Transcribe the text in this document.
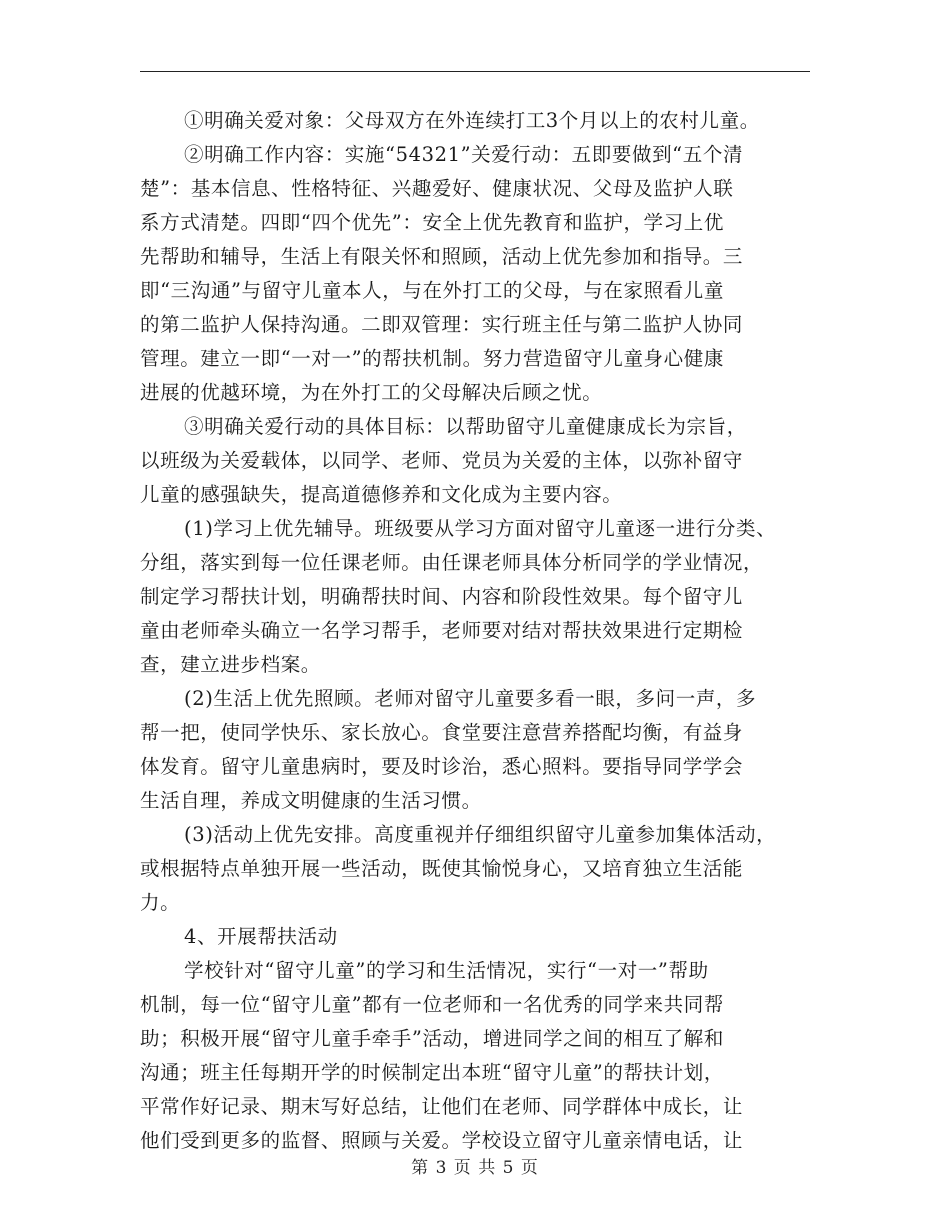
①明确关爱对象：父母双方在外连续打工3个月以上的农村儿童。
②明确工作内容：实施“54321”关爱行动：五即要做到“五个清
楚”：基本信息、性格特征、兴趣爱好、健康状况、父母及监护人联
系方式清楚。四即“四个优先”：安全上优先教育和监护，学习上优
先帮助和辅导，生活上有限关怀和照顾，活动上优先参加和指导。三
即“三沟通”与留守儿童本人，与在外打工的父母，与在家照看儿童
的第二监护人保持沟通。二即双管理：实行班主任与第二监护人协同
管理。建立一即“一对一”的帮扶机制。努力营造留守儿童身心健康
进展的优越环境，为在外打工的父母解决后顾之忧。
③明确关爱行动的具体目标：以帮助留守儿童健康成长为宗旨，
以班级为关爱载体，以同学、老师、党员为关爱的主体，以弥补留守
儿童的感强缺失，提高道德修养和文化成为主要内容。
(1)学习上优先辅导。班级要从学习方面对留守儿童逐一进行分类、
分组，落实到每一位任课老师。由任课老师具体分析同学的学业情况，
制定学习帮扶计划，明确帮扶时间、内容和阶段性效果。每个留守儿
童由老师牵头确立一名学习帮手，老师要对结对帮扶效果进行定期检
查，建立进步档案。
(2)生活上优先照顾。老师对留守儿童要多看一眼，多问一声，多
帮一把，使同学快乐、家长放心。食堂要注意营养搭配均衡，有益身
体发育。留守儿童患病时，要及时诊治，悉心照料。要指导同学学会
生活自理，养成文明健康的生活习惯。
(3)活动上优先安排。高度重视并仔细组织留守儿童参加集体活动，
或根据特点单独开展一些活动，既使其愉悦身心，又培育独立生活能
力。
4、开展帮扶活动
学校针对“留守儿童”的学习和生活情况，实行“一对一”帮助
机制，每一位“留守儿童”都有一位老师和一名优秀的同学来共同帮
助；积极开展“留守儿童手牵手”活动，增进同学之间的相互了解和
沟通；班主任每期开学的时候制定出本班“留守儿童”的帮扶计划，
平常作好记录、期末写好总结，让他们在老师、同学群体中成长，让
他们受到更多的监督、照顾与关爱。学校设立留守儿童亲情电话，让
第 3 页 共 5 页
